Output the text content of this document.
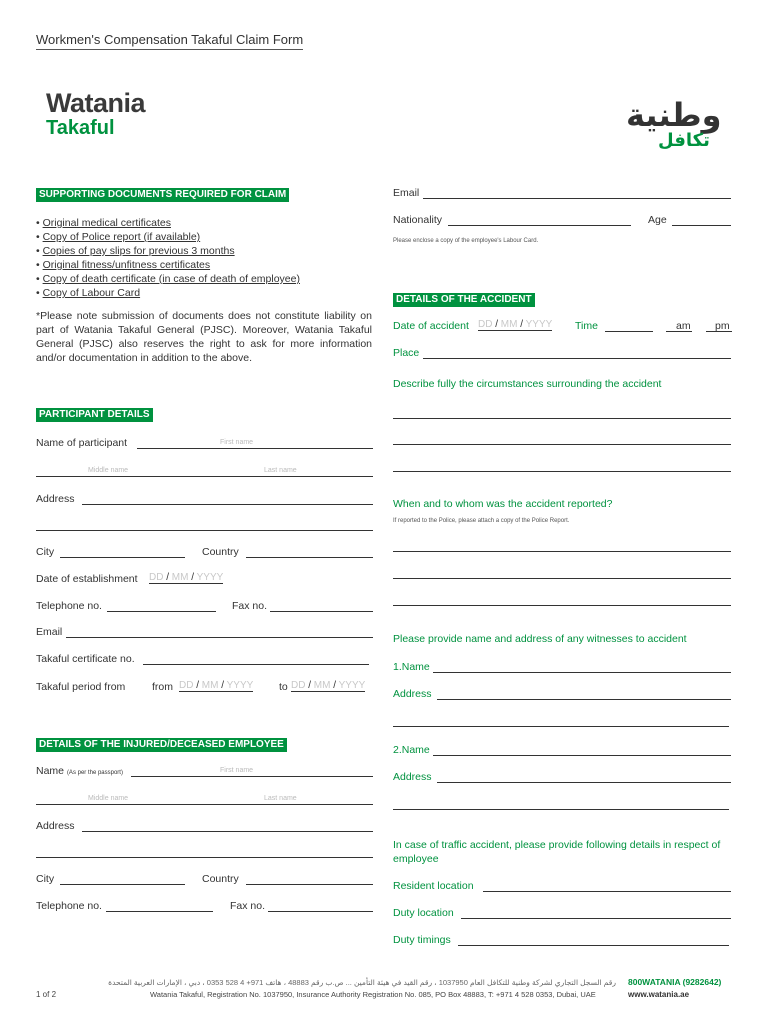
Workmen's Compensation Takaful Claim Form
Watania
Takaful	وطنية
تكافل
SUPPORTING DOCUMENTS REQUIRED FOR CLAIM
• Original medical certificates
• Copy of Police report (if available)
• Copies of pay slips for previous 3 months
• Original fitness/unfitness certificates
• Copy of death certificate (in case of death of employee)
• Copy of Labour Card
*Please note submission of documents does not constitute liability on part of Watania Takaful General (PJSC). Moreover, Watania Takaful General (PJSC) also reserves the right to ask for more information and/or documentation in addition to the above.
PARTICIPANT DETAILS
Name of participant	First name
Middle name	Last name
Address
City	Country
Date of establishment DD / MM / YYYY
Telephone no.	Fax no.
Email
Takaful certificate no.
Takaful period from	from DD / MM / YYYY to DD / MM / YYYY
DETAILS OF THE INJURED/DECEASED EMPLOYEE
Name (As per the passport)	First name
Middle name	Last name
Address
City	Country
Telephone no.	Fax no.
Email
Nationality	Age
Please enclose a copy of the employee's Labour Card.
DETAILS OF THE ACCIDENT
Date of accident DD / MM / YYYY Time	am pm
Place
Describe fully the circumstances surrounding the accident
When and to whom was the accident reported?
If reported to the Police, please attach a copy of the Police Report.
Please provide name and address of any witnesses to accident
1.Name
Address
2.Name
Address
In case of traffic accident, please provide following details in respect of employee
Resident location
Duty location
Duty timings
رقم السجل التجاري لشركة وطنية للتكافل العام 1037950 ، رقم القيد في هيئة التأمين ... ص.ب رقم 48883 ، هاتف 971+ 4 528 0353 ، دبي ، الإمارات العربية المتحدة
Watania Takaful, Registration No. 1037950, Insurance Authority Registration No. 085, PO Box 48883, T: +971 4 528 0353, Dubai, UAE
1 of 2
800WATANIA (9282642)
www.watania.ae
